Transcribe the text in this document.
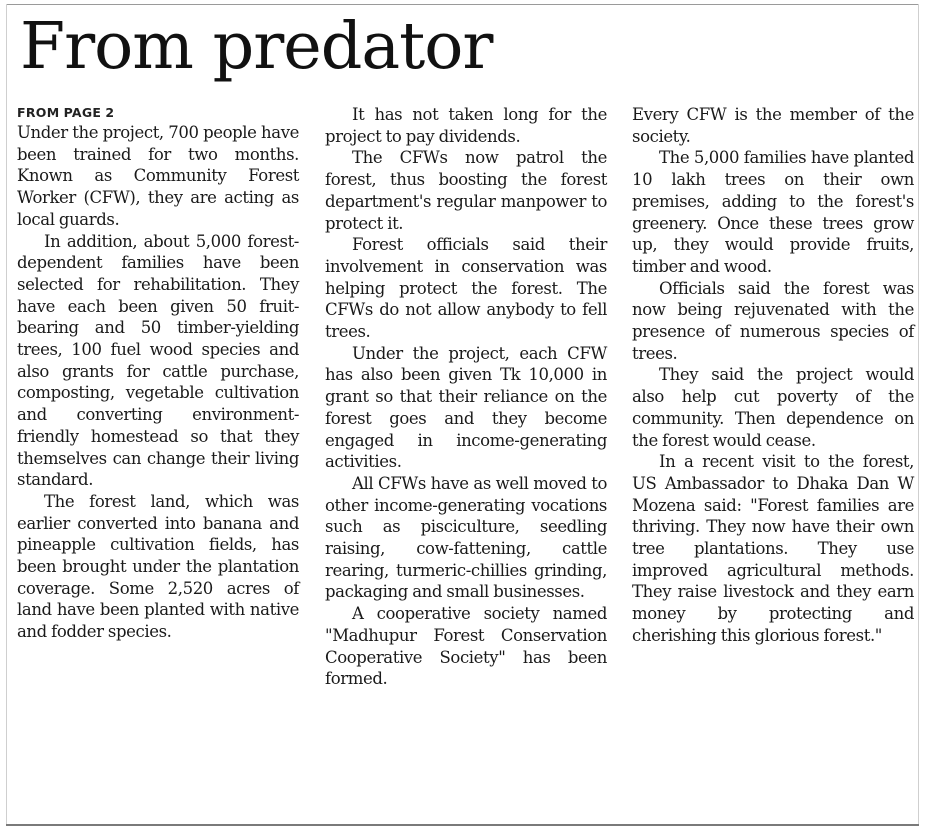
From predator
FROM PAGE 2

Under the project, 700 people have been trained for two months. Known as Community Forest Worker (CFW), they are acting as local guards.

In addition, about 5,000 forest-dependent families have been selected for rehabilitation. They have each been given 50 fruit-bearing and 50 timber-yielding trees, 100 fuel wood species and also grants for cattle purchase, composting, vegetable cultivation and converting environment-friendly homestead so that they themselves can change their living standard.

The forest land, which was earlier converted into banana and pineapple cultivation fields, has been brought under the plantation coverage. Some 2,520 acres of land have been planted with native and fodder species.

It has not taken long for the project to pay dividends.

The CFWs now patrol the forest, thus boosting the forest department's regular manpower to protect it.

Forest officials said their involvement in conservation was helping protect the forest. The CFWs do not allow anybody to fell trees.

Under the project, each CFW has also been given Tk 10,000 in grant so that their reliance on the forest goes and they become engaged in income-generating activities.

All CFWs have as well moved to other income-generating vocations such as pisciculture, seedling raising, cow-fattening, cattle rearing, turmeric-chillies grinding, packaging and small businesses.

A cooperative society named "Madhupur Forest Conservation Cooperative Society" has been formed.

Every CFW is the member of the society.

The 5,000 families have planted 10 lakh trees on their own premises, adding to the forest's greenery. Once these trees grow up, they would provide fruits, timber and wood.

Officials said the forest was now being rejuvenated with the presence of numerous species of trees.

They said the project would also help cut poverty of the community. Then dependence on the forest would cease.

In a recent visit to the forest, US Ambassador to Dhaka Dan W Mozena said: "Forest families are thriving. They now have their own tree plantations. They use improved agricultural methods. They raise livestock and they earn money by protecting and cherishing this glorious forest."
